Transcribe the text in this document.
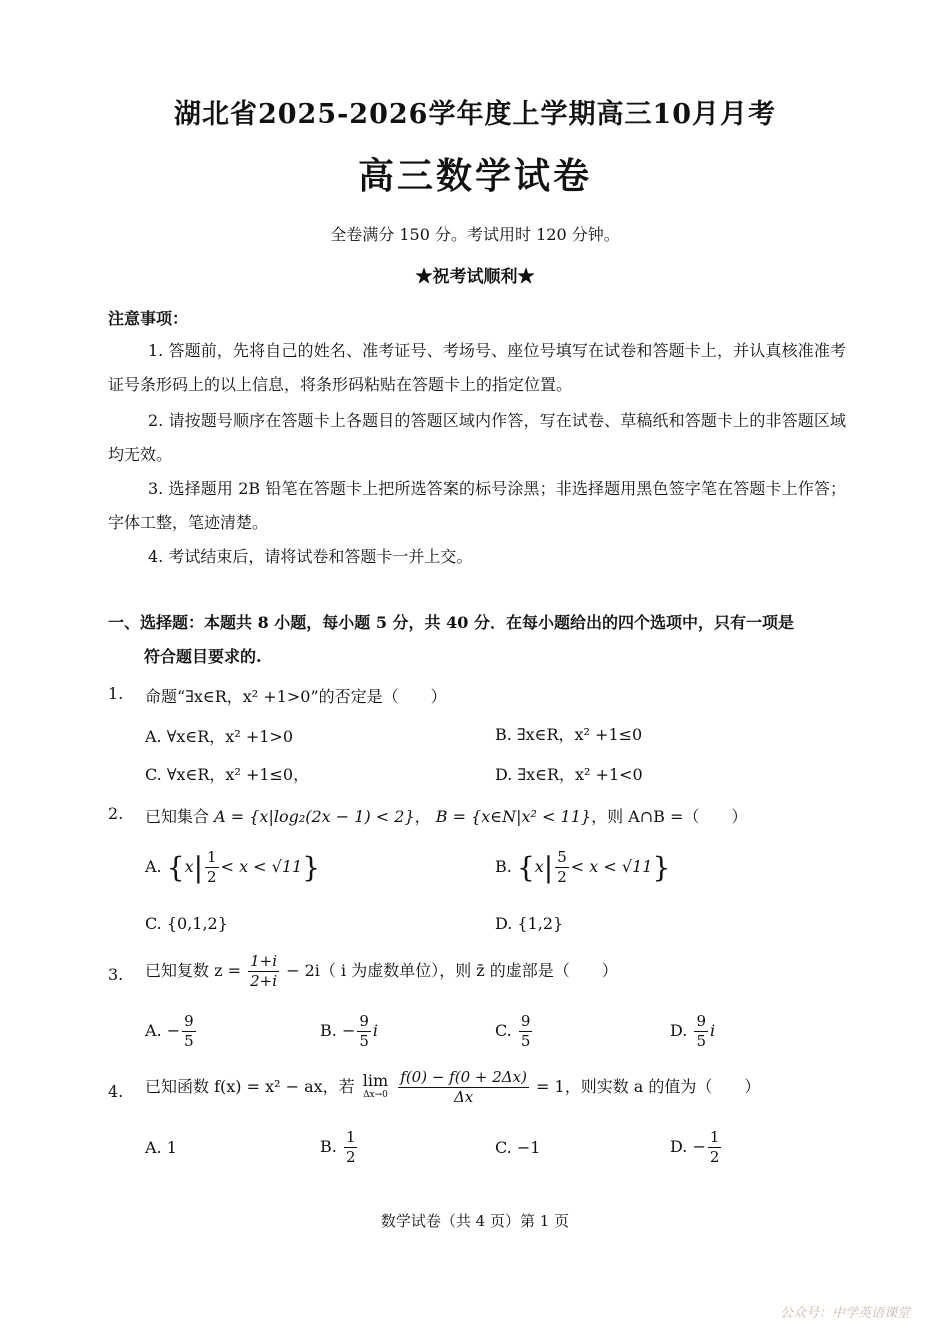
湖北省2025-2026学年度上学期高三10月月考
高三数学试卷
全卷满分 150 分。考试用时 120 分钟。
★祝考试顺利★
注意事项：
1. 答题前，先将自己的姓名、准考证号、考场号、座位号填写在试卷和答题卡上，并认真核准准考证号条形码上的以上信息，将条形码粘贴在答题卡上的指定位置。
2. 请按题号顺序在答题卡上各题目的答题区域内作答，写在试卷、草稿纸和答题卡上的非答题区域均无效。
3. 选择题用 2B 铅笔在答题卡上把所选答案的标号涂黑；非选择题用黑色签字笔在答题卡上作答；字体工整，笔迹清楚。
4. 考试结束后，请将试卷和答题卡一并上交。
一、选择题：本题共 8 小题，每小题 5 分，共 40 分．在每小题给出的四个选项中，只有一项是
符合题目要求的.
1. 命题“∃x∈R，x² +1>0”的否定是（　　）
A. ∀x∈R，x² +1>0	B. ∃x∈R，x² +1≤0
C. ∀x∈R，x² +1≤0，	D. ∃x∈R，x² +1<0
2. 已知集合 A = {x|log₂(2x − 1) < 2}， B = {x∈N|x² < 11}，则 A∩B =（　　）
A. $\{x| \frac{1}{2} < x < √11\}$	B. $\{x| \frac{5}{2} < x < √11\}$
C. {0,1,2}	D. {1,2}
3. 已知复数 $z = \frac{1+i}{2+i} - 2i$（ i 为虚数单位），则 z̄ 的虚部是（　　）
A. − $\frac{9}{5}$	B. − $\frac{9}{5}$ i	C. $\frac{9}{5}$	D. $\frac{9}{5}$ i
4. 已知函数 f(x) = x² − ax，若 lim
Δx→0
$\frac{f(0) - f(0 + 2\Delta x)}{\Delta x} = 1$，则实数 a 的值为（　　）
A. 1	B. $\frac{1}{2}$	C. −1	D. − $\frac{1}{2}$
数学试卷（共 4 页）第 1 页
公众号：中学英语课堂
